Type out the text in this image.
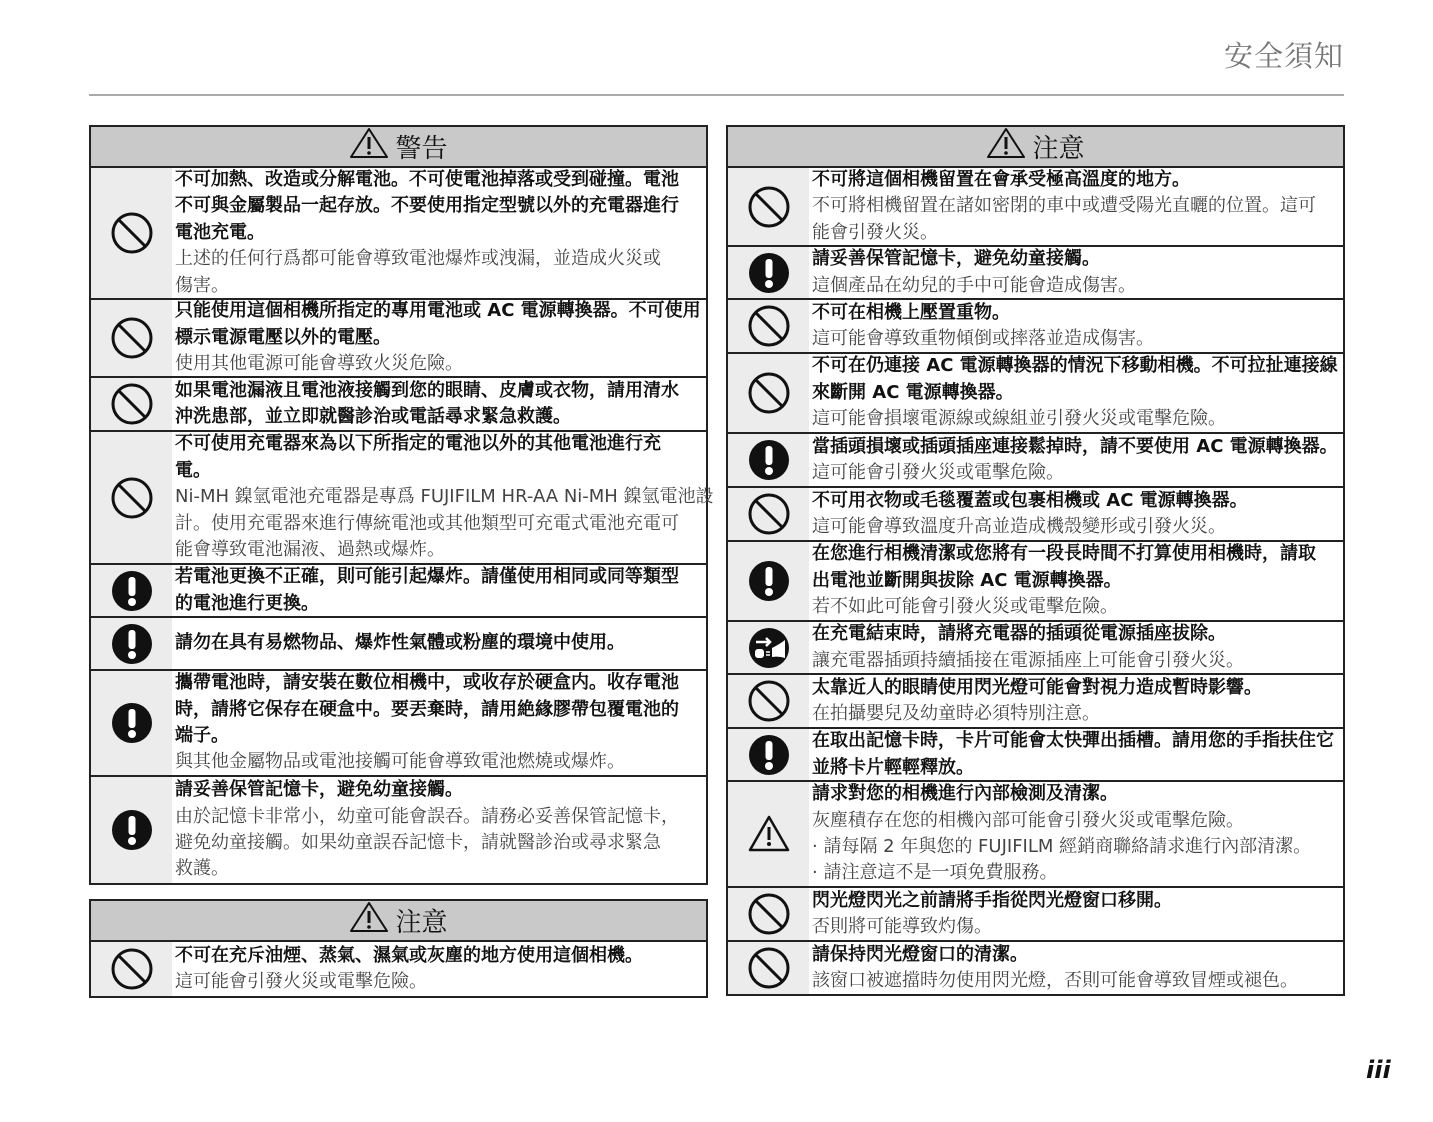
安全須知
警告
不可加熱、改造或分解電池。不可使電池掉落或受到碰撞。電池
不可與金屬製品一起存放。不要使用指定型號以外的充電器進行
電池充電。
上述的任何行爲都可能會導致電池爆炸或洩漏，並造成火災或
傷害。
只能使用這個相機所指定的專用電池或 AC 電源轉換器。不可使用
標示電源電壓以外的電壓。
使用其他電源可能會導致火災危險。
如果電池漏液且電池液接觸到您的眼睛、皮膚或衣物，請用清水
沖洗患部，並立即就醫診治或電話尋求緊急救護。
不可使用充電器來為以下所指定的電池以外的其他電池進行充
電。
Ni-MH 鎳氫電池充電器是專爲 FUJIFILM HR-AA Ni-MH 鎳氫電池設
計。使用充電器來進行傳統電池或其他類型可充電式電池充電可
能會導致電池漏液、過熱或爆炸。
若電池更換不正確，則可能引起爆炸。請僅使用相同或同等類型
的電池進行更換。
請勿在具有易燃物品、爆炸性氣體或粉塵的環境中使用。
攜帶電池時，請安裝在數位相機中，或收存於硬盒内。收存電池
時，請將它保存在硬盒中。要丟棄時，請用絶緣膠帶包覆電池的
端子。
與其他金屬物品或電池接觸可能會導致電池燃燒或爆炸。
請妥善保管記憶卡，避免幼童接觸。
由於記憶卡非常小，幼童可能會誤吞。請務必妥善保管記憶卡，
避免幼童接觸。如果幼童誤吞記憶卡，請就醫診治或尋求緊急
救護。
注意
不可在充斥油煙、蒸氣、濕氣或灰塵的地方使用這個相機。
這可能會引發火災或電擊危險。
注意
不可將這個相機留置在會承受極高溫度的地方。
不可將相機留置在諸如密閉的車中或遭受陽光直曬的位置。這可
能會引發火災。
請妥善保管記憶卡，避免幼童接觸。
這個產品在幼兒的手中可能會造成傷害。
不可在相機上壓置重物。
這可能會導致重物傾倒或摔落並造成傷害。
不可在仍連接 AC 電源轉換器的情況下移動相機。不可拉扯連接線
來斷開 AC 電源轉換器。
這可能會損壞電源線或線組並引發火災或電擊危險。
當插頭損壞或插頭插座連接鬆掉時，請不要使用 AC 電源轉換器。
這可能會引發火災或電擊危險。
不可用衣物或毛毯覆蓋或包裹相機或 AC 電源轉換器。
這可能會導致溫度升高並造成機殼變形或引發火災。
在您進行相機清潔或您將有一段長時間不打算使用相機時，請取
出電池並斷開與拔除 AC 電源轉換器。
若不如此可能會引發火災或電擊危險。
在充電結束時，請將充電器的插頭從電源插座拔除。
讓充電器插頭持續插接在電源插座上可能會引發火災。
太靠近人的眼睛使用閃光燈可能會對視力造成暫時影響。
在拍攝嬰兒及幼童時必須特別注意。
在取出記憶卡時，卡片可能會太快彈出插槽。請用您的手指扶住它
並將卡片輕輕釋放。
請求對您的相機進行內部檢測及清潔。
灰塵積存在您的相機內部可能會引發火災或電擊危險。
· 請每隔 2 年與您的 FUJIFILM 經銷商聯絡請求進行內部清潔。
· 請注意這不是一項免費服務。
閃光燈閃光之前請將手指從閃光燈窗口移開。
否則將可能導致灼傷。
請保持閃光燈窗口的清潔。
該窗口被遮擋時勿使用閃光燈，否則可能會導致冒煙或褪色。
iii
